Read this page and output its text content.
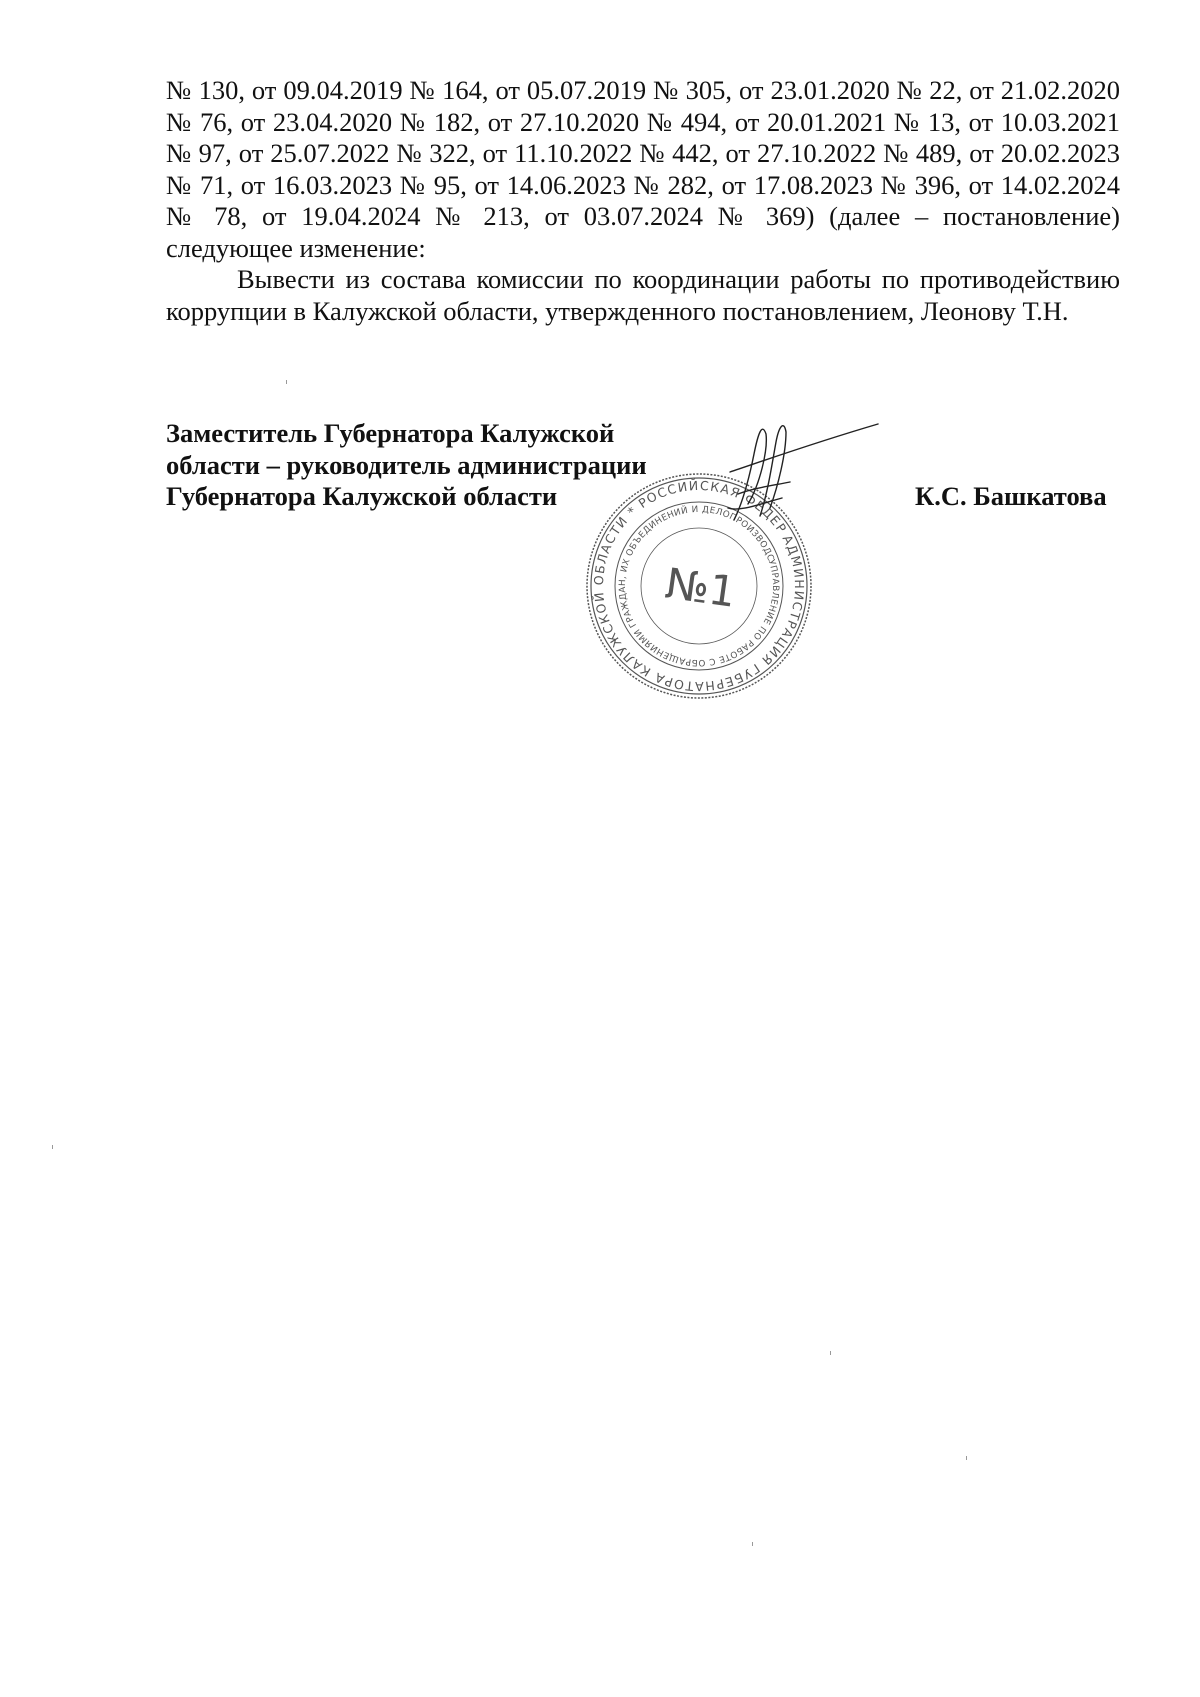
№ 130, от 09.04.2019 № 164, от 05.07.2019 № 305, от 23.01.2020 № 22, от 21.02.2020 № 76, от 23.04.2020 № 182, от 27.10.2020 № 494, от 20.01.2021 № 13, от 10.03.2021 № 97, от 25.07.2022 № 322, от 11.10.2022 № 442, от 27.10.2022 № 489, от 20.02.2023 № 71, от 16.03.2023 № 95, от 14.06.2023 № 282, от 17.08.2023 № 396, от 14.02.2024 № 78, от 19.04.2024 № 213, от 03.07.2024 № 369) (далее – постановление) следующее изменение:

Вывести из состава комиссии по координации работы по противодействию коррупции в Калужской области, утвержденного постановлением, Леонову Т.Н.

Заместитель Губернатора Калужской
области – руководитель администрации
Губернатора Калужской области
АДМИНИСТРАЦИЯ ГУБЕРНАТОРА КАЛУЖСКОЙ ОБЛАСТИ * РОССИЙСКАЯ ФЕДЕРАЦИЯ
УПРАВЛЕНИЕ ПО РАБОТЕ С ОБРАЩЕНИЯМИ ГРАЖДАН, ИХ ОБЪЕДИНЕНИЙ И ДЕЛОПРОИЗВОДСТВУ
№1
К.С. Башкатова
